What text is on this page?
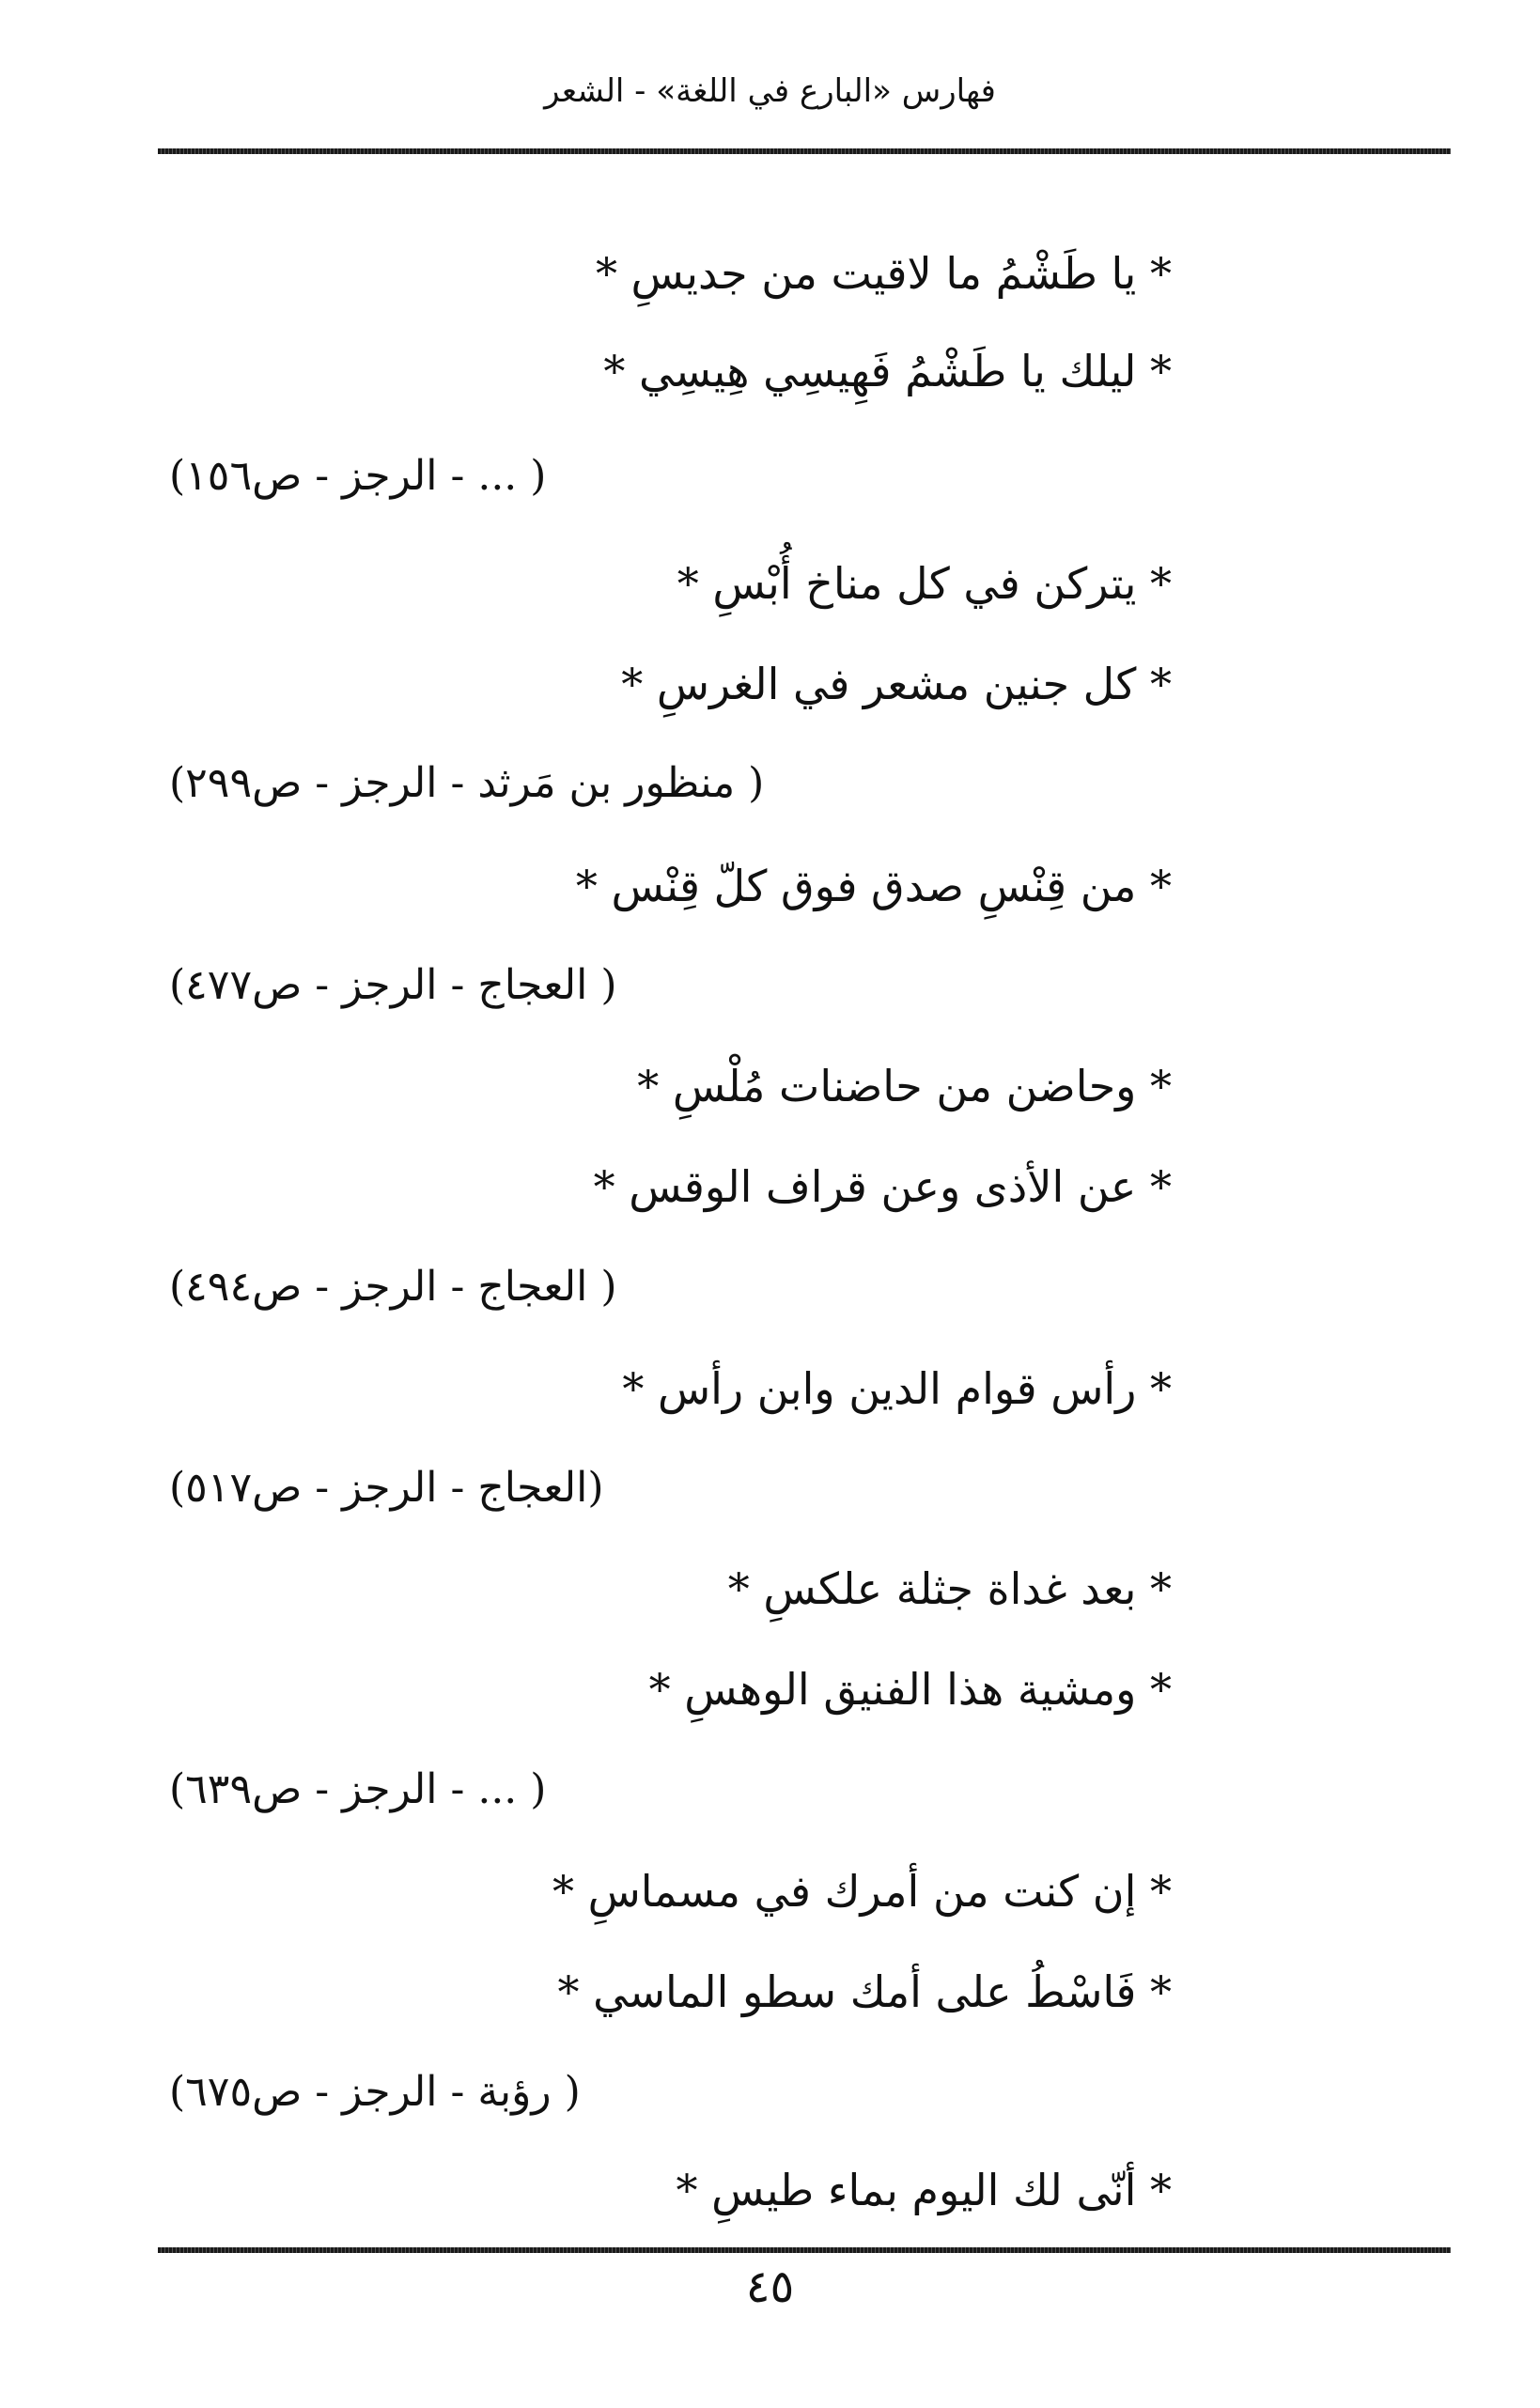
فهارس «البارع في اللغة» - الشعر
* يا طَشْمُ ما لاقيت من جديسِ *
* ليلك يا طَشْمُ فَهِيسِي هِيسِي *
( ... - الرجز - ص١٥٦)
* يتركن في كل مناخ أُبْسِ *
* كل جنين مشعر في الغرسِ *
( منظور بن مَرثد - الرجز - ص٢٩٩)
* من قِنْسِ صدق فوق كلّ قِنْس *
( العجاج - الرجز - ص٤٧٧)
* وحاضن من حاضنات مُلْسِ *
* عن الأذى وعن قراف الوقس *
( العجاج - الرجز - ص٤٩٤)
* رأس قوام الدين وابن رأس *
(العجاج - الرجز - ص٥١٧)
* بعد غداة جثلة علكسِ *
* ومشية هذا الفنيق الوهسِ *
( ... - الرجز - ص٦٣٩)
* إن كنت من أمرك في مسماسِ *
* فَاسْطُ على أمك سطو الماسي *
( رؤبة - الرجز - ص٦٧٥)
* أنّى لك اليوم بماء طيسِ *
٤٥
